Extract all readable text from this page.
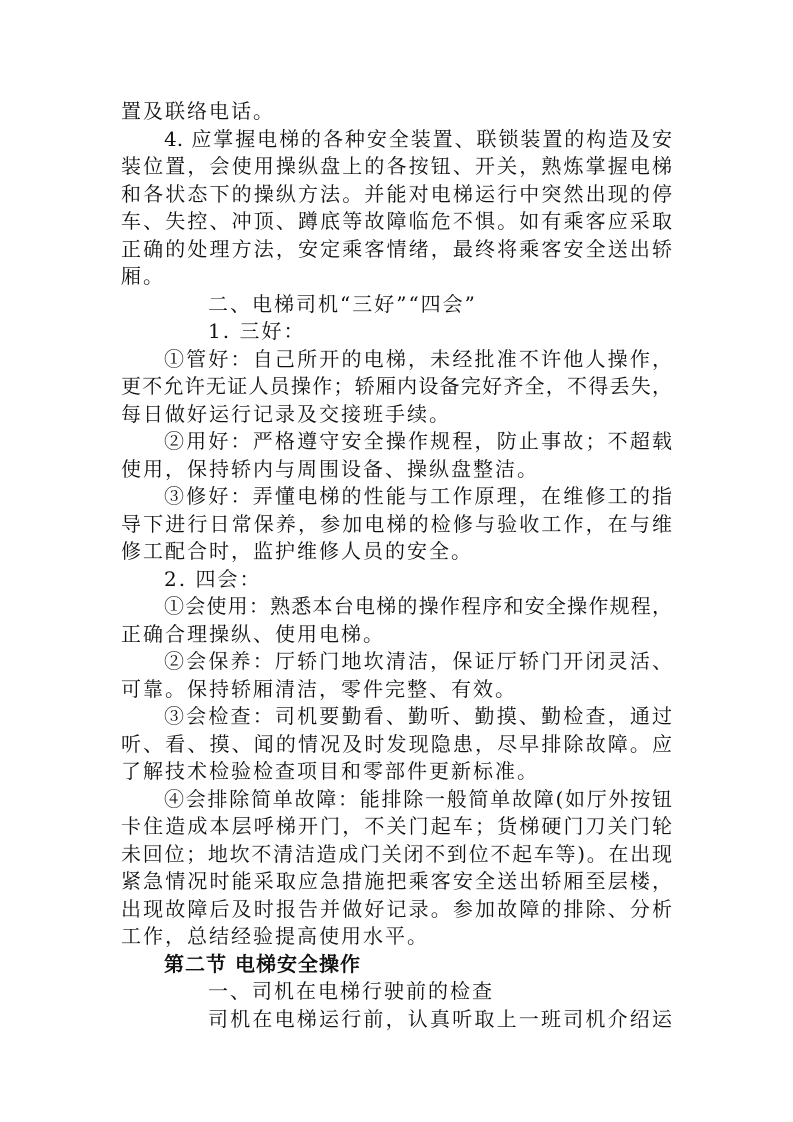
置及联络电话。
4. 应掌握电梯的各种安全装置、联锁装置的构造及安
装位置，会使用操纵盘上的各按钮、开关，熟炼掌握电梯
和各状态下的操纵方法。并能对电梯运行中突然出现的停
车、失控、冲顶、蹲底等故障临危不惧。如有乘客应采取
正确的处理方法，安定乘客情绪，最终将乘客安全送出轿
厢。
二、电梯司机“三好”“四会”
1. 三好：
①管好：自己所开的电梯，未经批准不许他人操作，
更不允许无证人员操作；轿厢内设备完好齐全，不得丢失，
每日做好运行记录及交接班手续。
②用好：严格遵守安全操作规程，防止事故；不超载
使用，保持轿内与周围设备、操纵盘整洁。
③修好：弄懂电梯的性能与工作原理，在维修工的指
导下进行日常保养，参加电梯的检修与验收工作，在与维
修工配合时，监护维修人员的安全。
2. 四会：
①会使用：熟悉本台电梯的操作程序和安全操作规程，
正确合理操纵、使用电梯。
②会保养：厅轿门地坎清洁，保证厅轿门开闭灵活、
可靠。保持轿厢清洁，零件完整、有效。
③会检查：司机要勤看、勤听、勤摸、勤检查，通过
听、看、摸、闻的情况及时发现隐患，尽早排除故障。应
了解技术检验检查项目和零部件更新标准。
④会排除简单故障：能排除一般简单故障(如厅外按钮
卡住造成本层呼梯开门，不关门起车；货梯硬门刀关门轮
未回位；地坎不清洁造成门关闭不到位不起车等)。在出现
紧急情况时能采取应急措施把乘客安全送出轿厢至层楼，
出现故障后及时报告并做好记录。参加故障的排除、分析
工作，总结经验提高使用水平。
第二节 电梯安全操作
一、司机在电梯行驶前的检查
司机在电梯运行前，认真听取上一班司机介绍运
